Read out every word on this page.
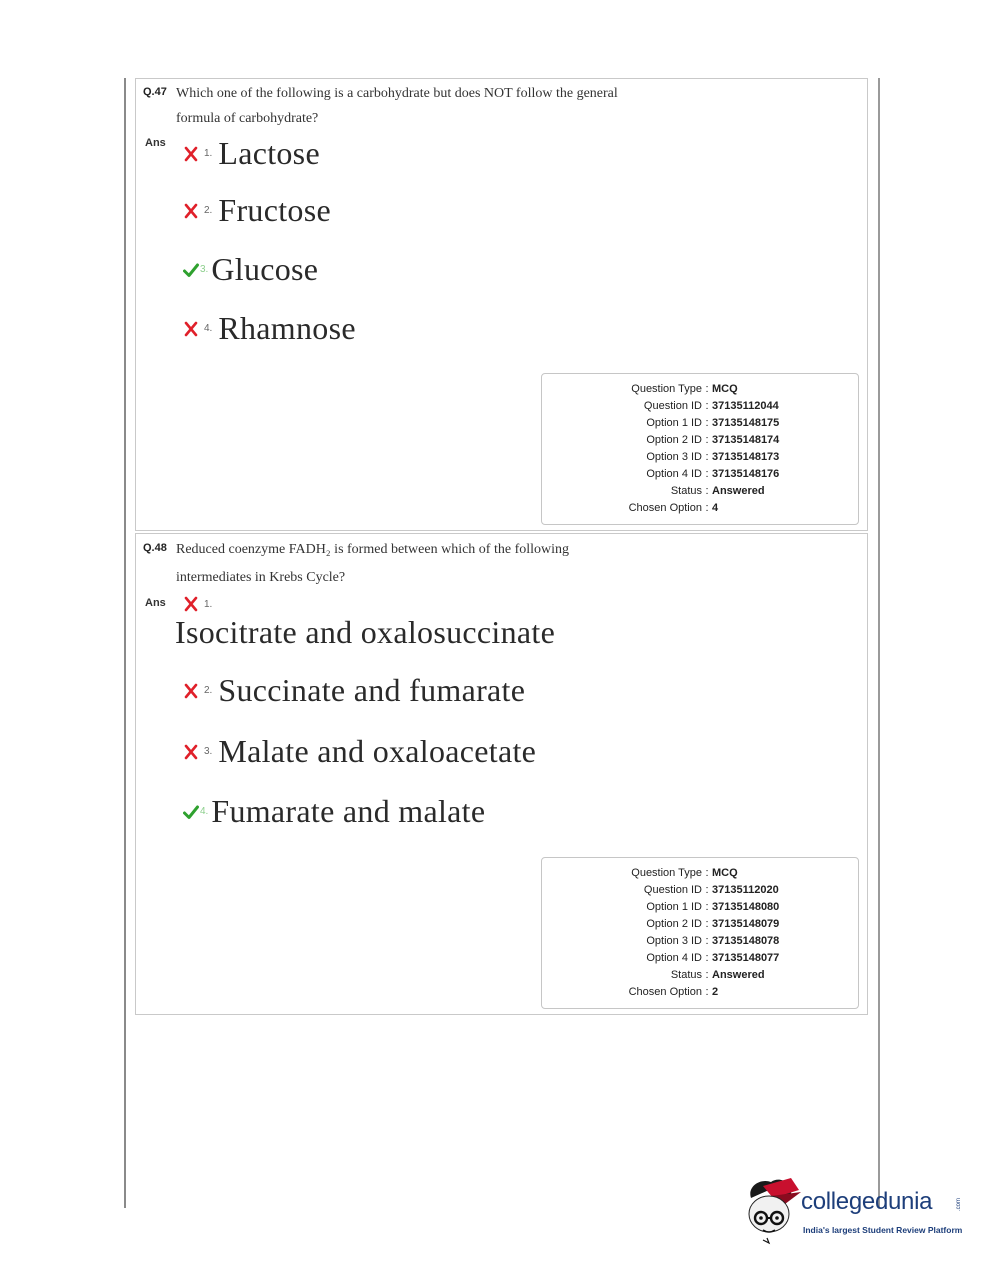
Q.47 Which one of the following is a carbohydrate but does NOT follow the general
formula of carbohydrate?
Ans
1. Lactose
2. Fructose
3. Glucose
4. Rhamnose
Question Type : MCQ
Question ID : 37135112044
Option 1 ID : 37135148175
Option 2 ID : 37135148174
Option 3 ID : 37135148173
Option 4 ID : 37135148176
Status : Answered
Chosen Option : 4
Q.48 Reduced coenzyme FADH₂ is formed between which of the following
intermediates in Krebs Cycle?
Ans	1.
Isocitrate and oxalosuccinate
2. Succinate and fumarate
3. Malate and oxaloacetate
4. Fumarate and malate
Question Type : MCQ
Question ID : 37135112020
Option 1 ID : 37135148080
Option 2 ID : 37135148079
Option 3 ID : 37135148078
Option 4 ID : 37135148077
Status : Answered
Chosen Option : 2
collegedunia	.com
India's largest Student Review Platform
